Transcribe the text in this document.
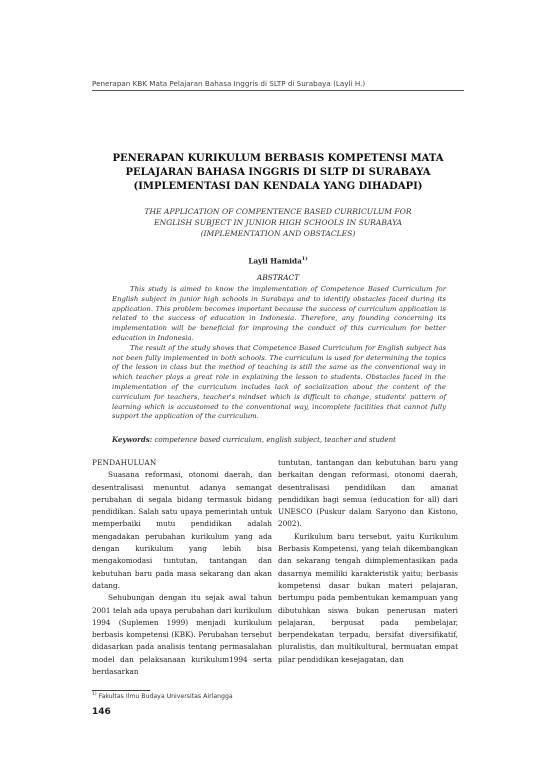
Penerapan KBK Mata Pelajaran Bahasa Inggris di SLTP di Surabaya (Layli H.)
PENERAPAN KURIKULUM BERBASIS KOMPETENSI MATA
PELAJARAN BAHASA INGGRIS DI SLTP DI SURABAYA
(IMPLEMENTASI DAN KENDALA YANG DIHADAPI)
THE APPLICATION OF COMPENTENCE BASED CURRICULUM FOR
ENGLISH SUBJECT IN JUNIOR HIGH SCHOOLS IN SURABAYA
(IMPLEMENTATION AND OBSTACLES)
Layli Hamida$^{1)}$
ABSTRACT

This study is aimed to know the implementation of Competence Based Curriculum for English subject in junior high schools in Surabaya and to identify obstacles faced during its application. This problem becomes important because the success of curriculum application is related to the success of education in Indonesia. Therefore, any founding concerning its implementation will be beneficial for improving the conduct of this curriculum for better education in Indonesia.

The result of the study shows that Competence Based Curriculum for English subject has not been fully implemented in both schools. The curriculum is used for determining the topics of the lesson in class but the method of teaching is still the same as the conventional way in which teacher plays a great role in explaining the lesson to students. Obstacles faced in the implementation of the curriculum includes lack of socialization about the content of the curriculum for teachers, teacher's mindset which is difficult to change, students' pattern of learning which is accustomed to the conventional way, incomplete facilities that cannot fully support the application of the curriculum.

Keywords: competence based curriculum, english subject, teacher and student

PENDAHULUAN

Suasana reformasi, otonomi daerah, dan desentralisasi menuntut adanya semangat perubahan di segala bidang termasuk bidang pendidikan. Salah satu upaya pemerintah untuk memperbaiki mutu pendidikan adalah mengadakan perubahan kurikulum yang ada dengan kurikulum yang lebih bisa mengakomodasi tuntutan, tantangan dan kebutuhan baru pada masa sekarang dan akan datang.

Sehubungan dengan itu sejak awal tahun 2001 telah ada upaya perubahan dari kurikulum 1994 (Suplemen 1999) menjadi kurikulum berbasis kompetensi (KBK). Perubahan tersebut didasarkan pada analisis tentang permasalahan model dan pelaksanaan kurikulum1994 serta berdasarkan

tuntutan, tantangan dan kebutuhan baru yang berkaitan dengan reformasi, otonomi daerah, desentralisasi pendidikan dan amanat pendidikan bagi semua (education for all) dari UNESCO (Puskur dalam Saryono dan Kistono, 2002).

Kurikulum baru tersebut, yaitu Kurikulum Berbasis Kompetensi, yang telah dikembangkan dan sekarang tengah diimplementasikan pada dasarnya memiliki karakteristik yaitu; berbasis kompetensi dasar bukan materi pelajaran, bertumpu pada pembentukan kemampuan yang dibutuhkan siswa bukan penerusan materi pelajaran, berpusat pada pembelajar, berpendekatan terpadu, bersifat diversifikatif, pluralistis, dan multikultural, bermuatan empat pilar pendidikan kesejagatan, dan

$^{1)}$ Fakultas Ilmu Budaya Universitas Airlangga
146
